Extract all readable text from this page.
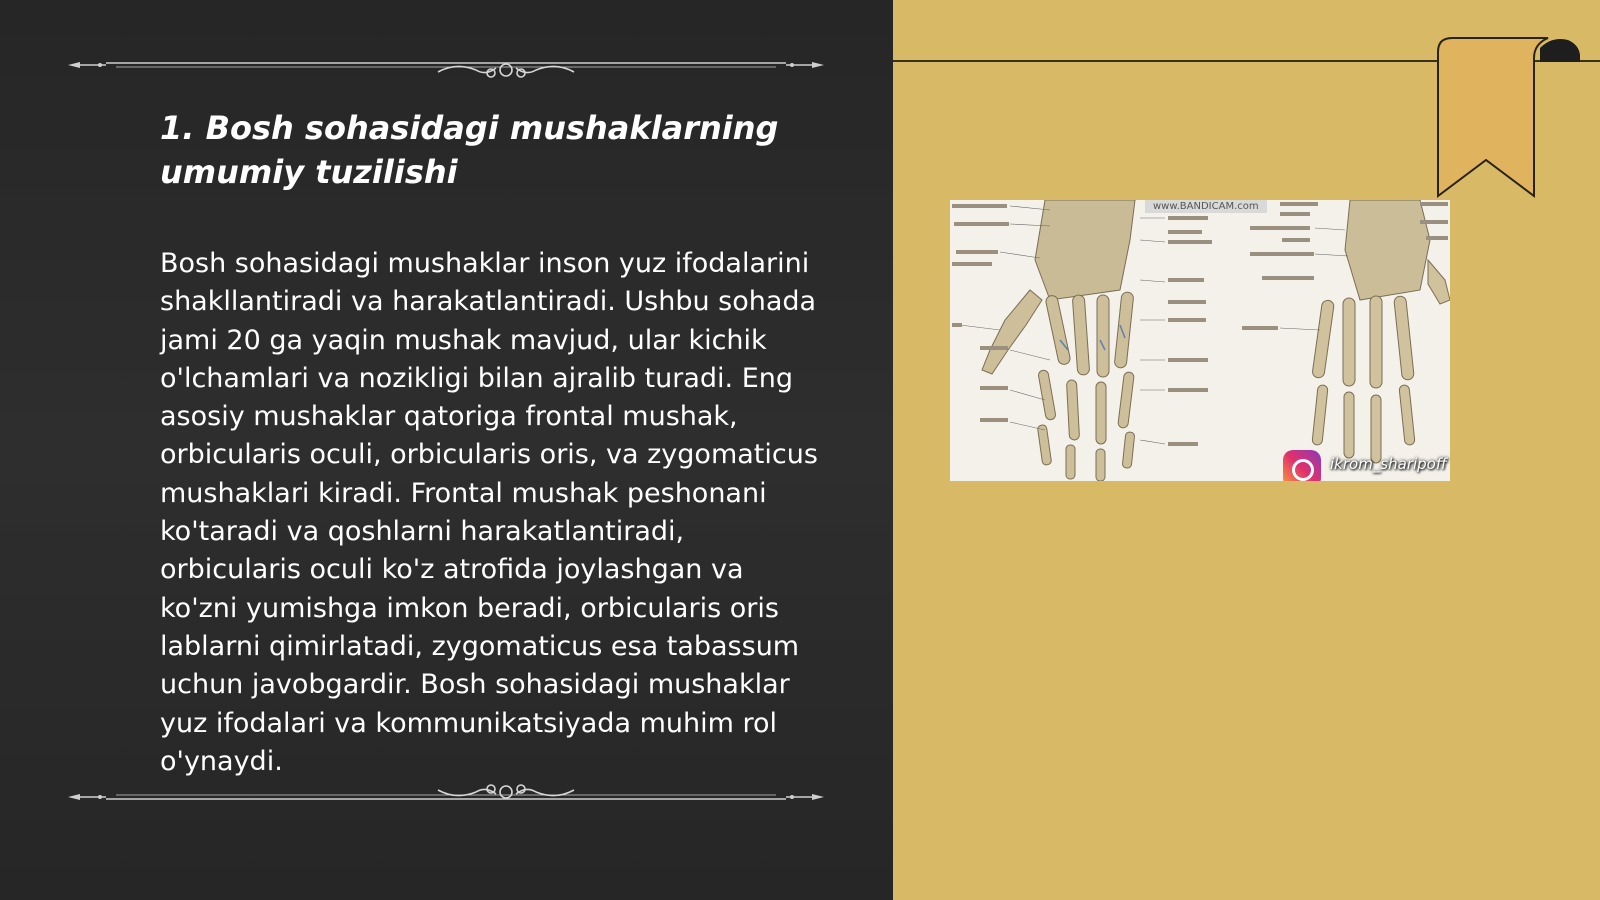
1. Bosh sohasidagi mushaklarning umumiy tuzilishi

Bosh sohasidagi mushaklar inson yuz ifodalarini shakllantiradi va harakatlantiradi. Ushbu sohada jami 20 ga yaqin mushak mavjud, ular kichik o'lchamlari va nozikligi bilan ajralib turadi. Eng asosiy mushaklar qatoriga frontal mushak, orbicularis oculi, orbicularis oris, va zygomaticus mushaklari kiradi. Frontal mushak peshonani ko'taradi va qoshlarni harakatlantiradi, orbicularis oculi ko'z atrofida joylashgan va ko'zni yumishga imkon beradi, orbicularis oris lablarni qimirlatadi, zygomaticus esa tabassum uchun javobgardir. Bosh sohasidagi mushaklar yuz ifodalari va kommunikatsiyada muhim rol o'ynaydi.

www.BANDICAM.com
ikrom_sharipoff
